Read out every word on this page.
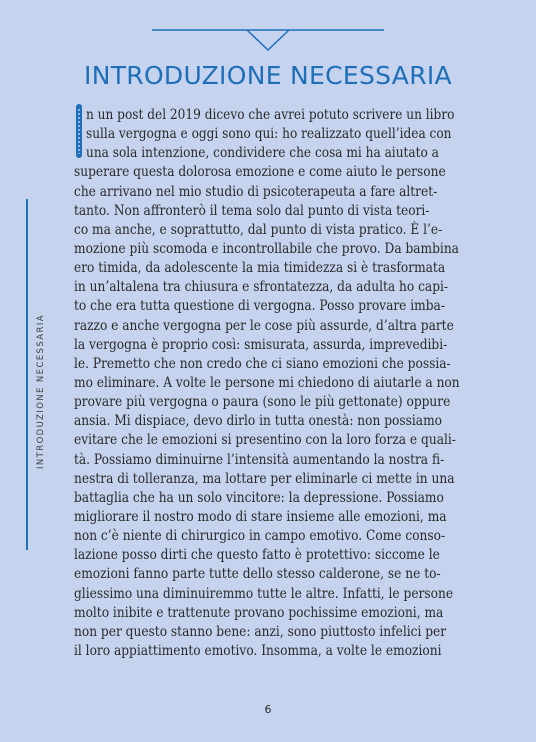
INTRODUZIONE NECESSARIA
INTRODUZIONE NECESSARIA
n un post del 2019 dicevo che avrei potuto scrivere un libro
sulla vergogna e oggi sono qui: ho realizzato quell’idea con
una sola intenzione, condividere che cosa mi ha aiutato a
superare questa dolorosa emozione e come aiuto le persone
che arrivano nel mio studio di psicoterapeuta a fare altret-
tanto. Non affronterò il tema solo dal punto di vista teori-
co ma anche, e soprattutto, dal punto di vista pratico. È l’e-
mozione più scomoda e incontrollabile che provo. Da bambina
ero timida, da adolescente la mia timidezza si è trasformata
in un’altalena tra chiusura e sfrontatezza, da adulta ho capi-
to che era tutta questione di vergogna. Posso provare imba-
razzo e anche vergogna per le cose più assurde, d’altra parte
la vergogna è proprio così: smisurata, assurda, imprevedibi-
le. Premetto che non credo che ci siano emozioni che possia-
mo eliminare. A volte le persone mi chiedono di aiutarle a non
provare più vergogna o paura (sono le più gettonate) oppure
ansia. Mi dispiace, devo dirlo in tutta onestà: non possiamo
evitare che le emozioni si presentino con la loro forza e quali-
tà. Possiamo diminuirne l’intensità aumentando la nostra fi-
nestra di tolleranza, ma lottare per eliminarle ci mette in una
battaglia che ha un solo vincitore: la depressione. Possiamo
migliorare il nostro modo di stare insieme alle emozioni, ma
non c’è niente di chirurgico in campo emotivo. Come conso-
lazione posso dirti che questo fatto è protettivo: siccome le
emozioni fanno parte tutte dello stesso calderone, se ne to-
gliessimo una diminuiremmo tutte le altre. Infatti, le persone
molto inibite e trattenute provano pochissime emozioni, ma
non per questo stanno bene: anzi, sono piuttosto infelici per
il loro appiattimento emotivo. Insomma, a volte le emozioni
6
